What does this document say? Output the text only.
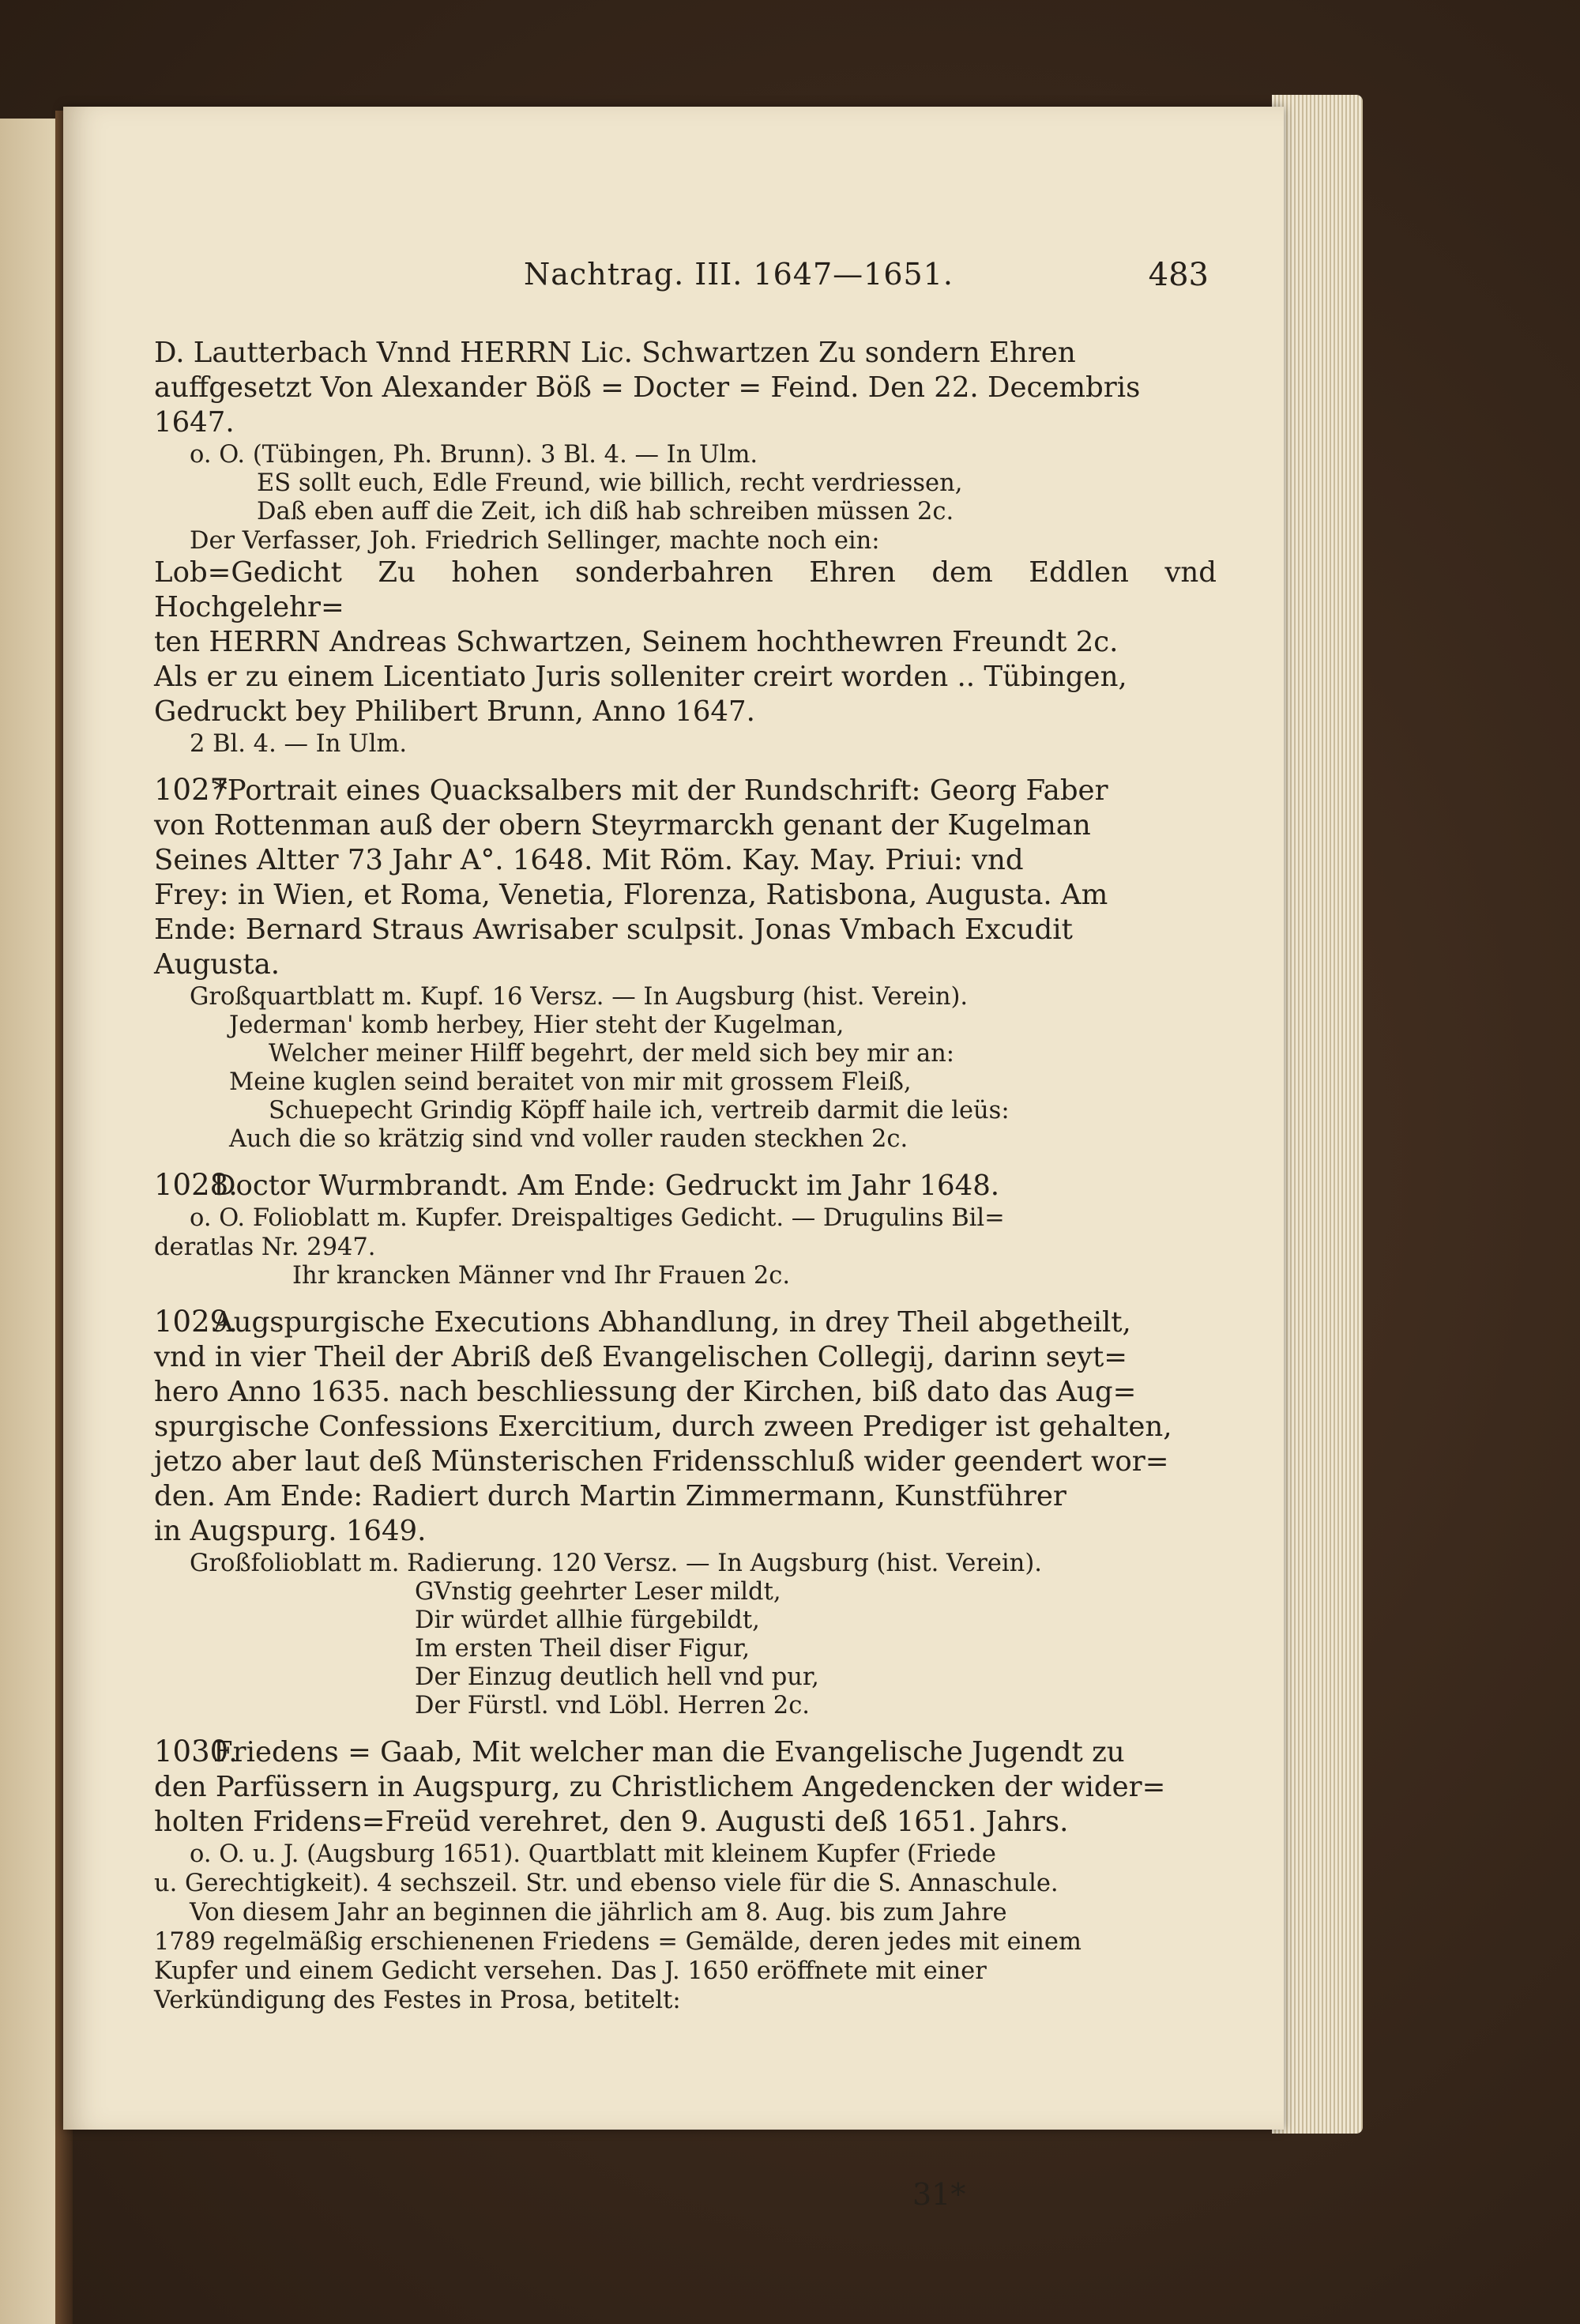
Nachtrag. III. 1647—1651.	483

D. Lautterbach Vnnd HERRN Lic. Schwartzen Zu sondern Ehren

auffgesetzt Von Alexander Böß = Docter = Feind. Den 22. Decembris

1647.

o. O. (Tübingen, Ph. Brunn). 3 Bl. 4. — In Ulm.

ES sollt euch, Edle Freund, wie billich, recht verdriessen,

Daß eben auff die Zeit, ich diß hab schreiben müssen 2c.

Der Verfasser, Joh. Friedrich Sellinger, machte noch ein:

Lob=Gedicht Zu hohen sonderbahren Ehren dem Eddlen vnd Hochgelehr=

ten HERRN Andreas Schwartzen, Seinem hochthewren Freundt 2c.

Als er zu einem Licentiato Juris solleniter creirt worden .. Tübingen,

Gedruckt bey Philibert Brunn, Anno 1647.

2 Bl. 4. — In Ulm.

1027.*Portrait eines Quacksalbers mit der Rundschrift: Georg Faber

von Rottenman auß der obern Steyrmarckh genant der Kugelman

Seines Altter 73 Jahr A°. 1648. Mit Röm. Kay. May. Priui: vnd

Frey: in Wien, et Roma, Venetia, Florenza, Ratisbona, Augusta. Am

Ende: Bernard Straus Awrisaber sculpsit. Jonas Vmbach Excudit

Augusta.

Großquartblatt m. Kupf. 16 Versz. — In Augsburg (hist. Verein).

Jederman' komb herbey, Hier steht der Kugelman,

Welcher meiner Hilff begehrt, der meld sich bey mir an:

Meine kuglen seind beraitet von mir mit grossem Fleiß,

Schuepecht Grindig Köpff haile ich, vertreib darmit die leüs:

Auch die so krätzig sind vnd voller rauden steckhen 2c.

1028.Doctor Wurmbrandt. Am Ende: Gedruckt im Jahr 1648.

o. O. Folioblatt m. Kupfer. Dreispaltiges Gedicht. — Drugulins Bil=

deratlas Nr. 2947.

Ihr krancken Männer vnd Ihr Frauen 2c.

1029.Augspurgische Executions Abhandlung, in drey Theil abgetheilt,

vnd in vier Theil der Abriß deß Evangelischen Collegij, darinn seyt=

hero Anno 1635. nach beschliessung der Kirchen, biß dato das Aug=

spurgische Confessions Exercitium, durch zween Prediger ist gehalten,

jetzo aber laut deß Münsterischen Fridensschluß wider geendert wor=

den. Am Ende: Radiert durch Martin Zimmermann, Kunstführer

in Augspurg. 1649.

Großfolioblatt m. Radierung. 120 Versz. — In Augsburg (hist. Verein).

GVnstig geehrter Leser mildt,

Dir würdet allhie fürgebildt,

Im ersten Theil diser Figur,

Der Einzug deutlich hell vnd pur,

Der Fürstl. vnd Löbl. Herren 2c.

1030.Friedens = Gaab, Mit welcher man die Evangelische Jugendt zu

den Parfüssern in Augspurg, zu Christlichem Angedencken der wider=

holten Fridens=Freüd verehret, den 9. Augusti deß 1651. Jahrs.

o. O. u. J. (Augsburg 1651). Quartblatt mit kleinem Kupfer (Friede

u. Gerechtigkeit). 4 sechszeil. Str. und ebenso viele für die S. Annaschule.

Von diesem Jahr an beginnen die jährlich am 8. Aug. bis zum Jahre

1789 regelmäßig erschienenen Friedens = Gemälde, deren jedes mit einem

Kupfer und einem Gedicht versehen. Das J. 1650 eröffnete mit einer

Verkündigung des Festes in Prosa, betitelt:

31*
